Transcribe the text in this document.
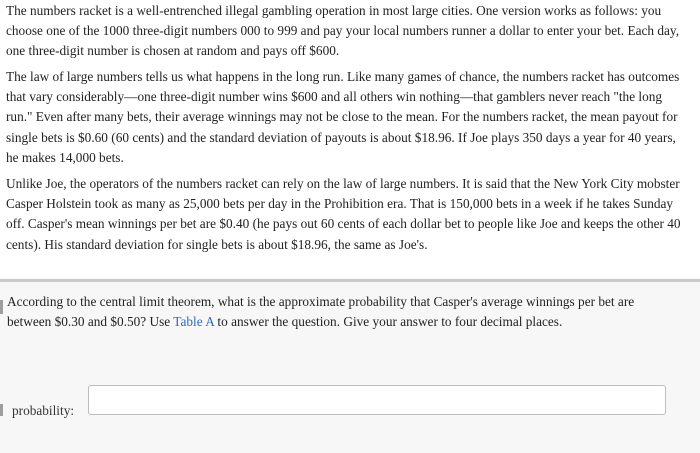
The numbers racket is a well-entrenched illegal gambling operation in most large cities. One version works as follows: you choose one of the 1000 three-digit numbers 000 to 999 and pay your local numbers runner a dollar to enter your bet. Each day, one three-digit number is chosen at random and pays off $600.

The law of large numbers tells us what happens in the long run. Like many games of chance, the numbers racket has outcomes that vary considerably—one three-digit number wins $600 and all others win nothing—that gamblers never reach "the long run." Even after many bets, their average winnings may not be close to the mean. For the numbers racket, the mean payout for single bets is $0.60 (60 cents) and the standard deviation of payouts is about $18.96. If Joe plays 350 days a year for 40 years, he makes 14,000 bets.

Unlike Joe, the operators of the numbers racket can rely on the law of large numbers. It is said that the New York City mobster Casper Holstein took as many as 25,000 bets per day in the Prohibition era. That is 150,000 bets in a week if he takes Sunday off. Casper's mean winnings per bet are $0.40 (he pays out 60 cents of each dollar bet to people like Joe and keeps the other 40 cents). His standard deviation for single bets is about $18.96, the same as Joe's.

According to the central limit theorem, what is the approximate probability that Casper's average winnings per bet are between $0.30 and $0.50? Use Table A to answer the question. Give your answer to four decimal places.

probability:
